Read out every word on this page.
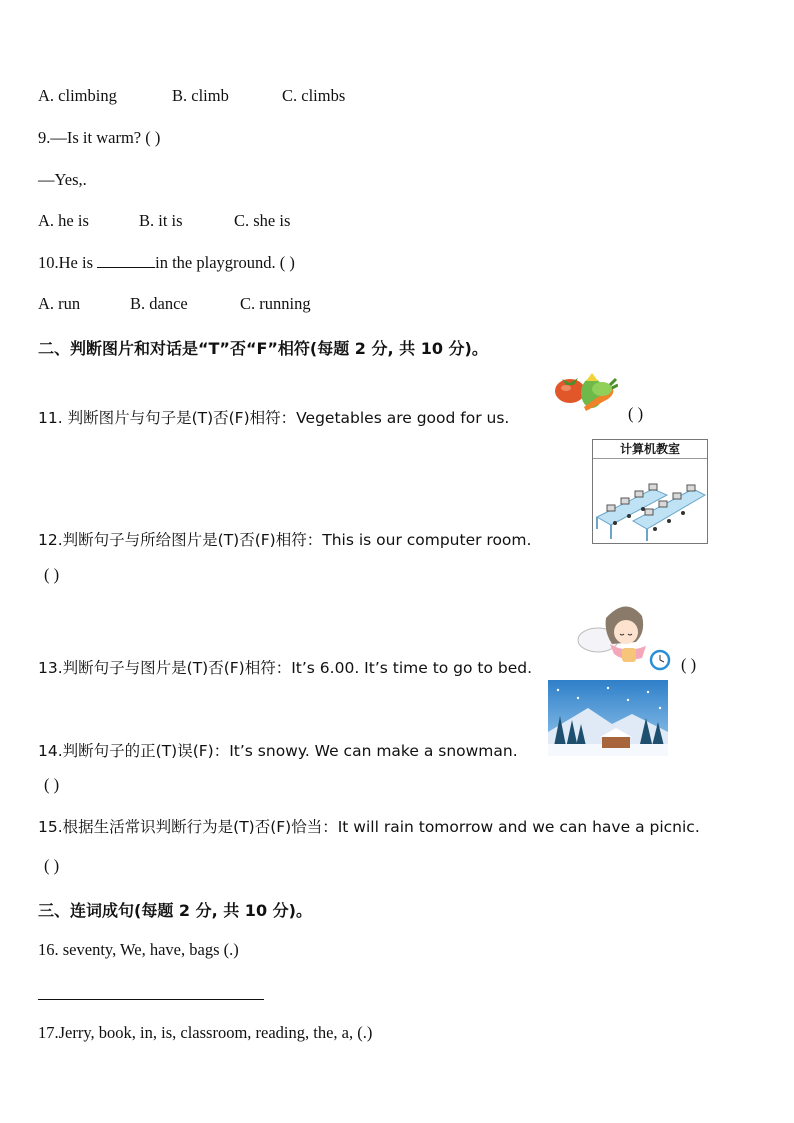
A. climbing	B. climb	C. climbs
9.—Is it warm? ( )
—Yes,.
A. he is	B. it is	C. she is
10.He is	in the playground. ( )
A. run	B. dance	C. running
二、判断图片和对话是“T”否“F”相符(每题 2 分, 共 10 分)。
11. 判断图片与句子是(T)否(F)相符：Vegetables are good for us.	( )
12.判断句子与所给图片是(T)否(F)相符：This is our computer room.
( )
计算机教室
13.判断句子与图片是(T)否(F)相符：It’s 6.00. It’s time to go to bed.	( )
14.判断句子的正(T)误(F)：It’s snowy. We can make a snowman.
( )
15.根据生活常识判断行为是(T)否(F)恰当：It will rain tomorrow and we can have a picnic.
( )
三、连词成句(每题 2 分, 共 10 分)。
16. seventy, We, have, bags (.)
17.Jerry, book, in, is, classroom, reading, the, a, (.)
